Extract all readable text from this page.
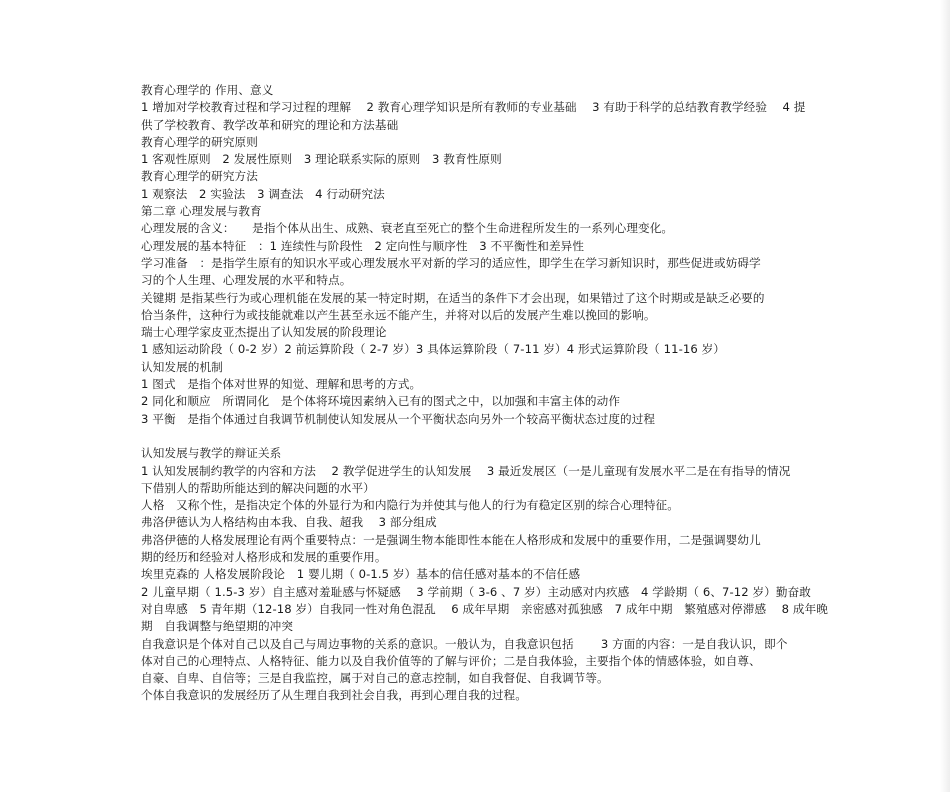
教育心理学的 作用、意义
1 增加对学校教育过程和学习过程的理解　 2 教育心理学知识是所有教师的专业基础　 3 有助于科学的总结教育教学经验　 4 提
供了学校教育、教学改革和研究的理论和方法基础
教育心理学的研究原则
1 客观性原则　2 发展性原则　3 理论联系实际的原则　3 教育性原则
教育心理学的研究方法
1 观察法　2 实验法　3 调查法　4 行动研究法
第二章 心理发展与教育
心理发展的含义：　　是指个体从出生、成熟、衰老直至死亡的整个生命进程所发生的一系列心理变化。
心理发展的基本特征　：1 连续性与阶段性　2 定向性与顺序性　3 不平衡性和差异性
学习准备　：是指学生原有的知识水平或心理发展水平对新的学习的适应性，即学生在学习新知识时，那些促进或妨碍学
习的个人生理、心理发展的水平和特点。
关键期 是指某些行为或心理机能在发展的某一特定时期，在适当的条件下才会出现，如果错过了这个时期或是缺乏必要的
恰当条件，这种行为或技能就难以产生甚至永远不能产生，并将对以后的发展产生难以挽回的影响。
瑞士心理学家皮亚杰提出了认知发展的阶段理论
1 感知运动阶段（ 0-2 岁）2 前运算阶段（ 2-7 岁）3 具体运算阶段（ 7-11 岁）4 形式运算阶段（ 11-16 岁）
认知发展的机制
1 图式　是指个体对世界的知觉、理解和思考的方式。
2 同化和顺应　所谓同化　是个体将环境因素纳入已有的图式之中，以加强和丰富主体的动作
3 平衡　是指个体通过自我调节机制使认知发展从一个平衡状态向另外一个较高平衡状态过度的过程
认知发展与教学的辩证关系
1 认知发展制约教学的内容和方法　 2 教学促进学生的认知发展　 3 最近发展区（一是儿童现有发展水平二是在有指导的情况
下借别人的帮助所能达到的解决问题的水平）
人格　又称个性，是指决定个体的外显行为和内隐行为并使其与他人的行为有稳定区别的综合心理特征。
弗洛伊德认为人格结构由本我、自我、超我　 3 部分组成
弗洛伊德的人格发展理论有两个重要特点：一是强调生物本能即性本能在人格形成和发展中的重要作用，二是强调婴幼儿
期的经历和经验对人格形成和发展的重要作用。
埃里克森的 人格发展阶段论　1 婴儿期（ 0-1.5 岁）基本的信任感对基本的不信任感
2 儿童早期（ 1.5-3 岁）自主感对羞耻感与怀疑感　 3 学前期（ 3-6 、7 岁）主动感对内疚感　4 学龄期（ 6、7-12 岁）勤奋敢
对自卑感　5 青年期（12-18 岁）自我同一性对角色混乱　 6 成年早期　亲密感对孤独感　7 成年中期　繁殖感对停滞感　 8 成年晚
期　自我调整与绝望期的冲突
自我意识是个体对自己以及自己与周边事物的关系的意识。一般认为，自我意识包括　　 3 方面的内容：一是自我认识，即个
体对自己的心理特点、人格特征、能力以及自我价值等的了解与评价；二是自我体验，主要指个体的情感体验，如自尊、
自豪、自卑、自信等；三是自我监控，属于对自己的意志控制，如自我督促、自我调节等。
个体自我意识的发展经历了从生理自我到社会自我，再到心理自我的过程。
